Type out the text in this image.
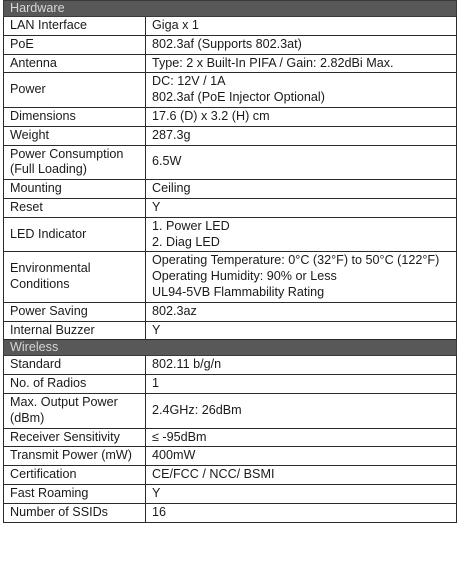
Hardware	
LAN Interface	Giga x 1

PoE	802.3af (Supports 802.3at)

Antenna	Type: 2 x Built-In PIFA / Gain: 2.82dBi Max.

Power	DC: 12V / 1A
802.3af (PoE Injector Optional)

Dimensions	17.6 (D) x 3.2 (H) cm

Weight	287.3g

Power Consumption (Full Loading)	6.5W

Mounting	Ceiling

Reset	Y

LED Indicator	1. Power LED
2. Diag LED

Environmental Conditions	Operating Temperature: 0°C (32°F) to 50°C (122°F)
Operating Humidity: 90% or Less
UL94-5VB Flammability Rating

Power Saving	802.3az

Internal Buzzer	Y

Wireless	
Standard	802.11 b/g/n

No. of Radios	1

Max. Output Power (dBm)	2.4GHz: 26dBm

Receiver Sensitivity	≤ -95dBm

Transmit Power (mW)	400mW

Certification	CE/FCC / NCC/ BSMI

Fast Roaming	Y

Number of SSIDs	16
